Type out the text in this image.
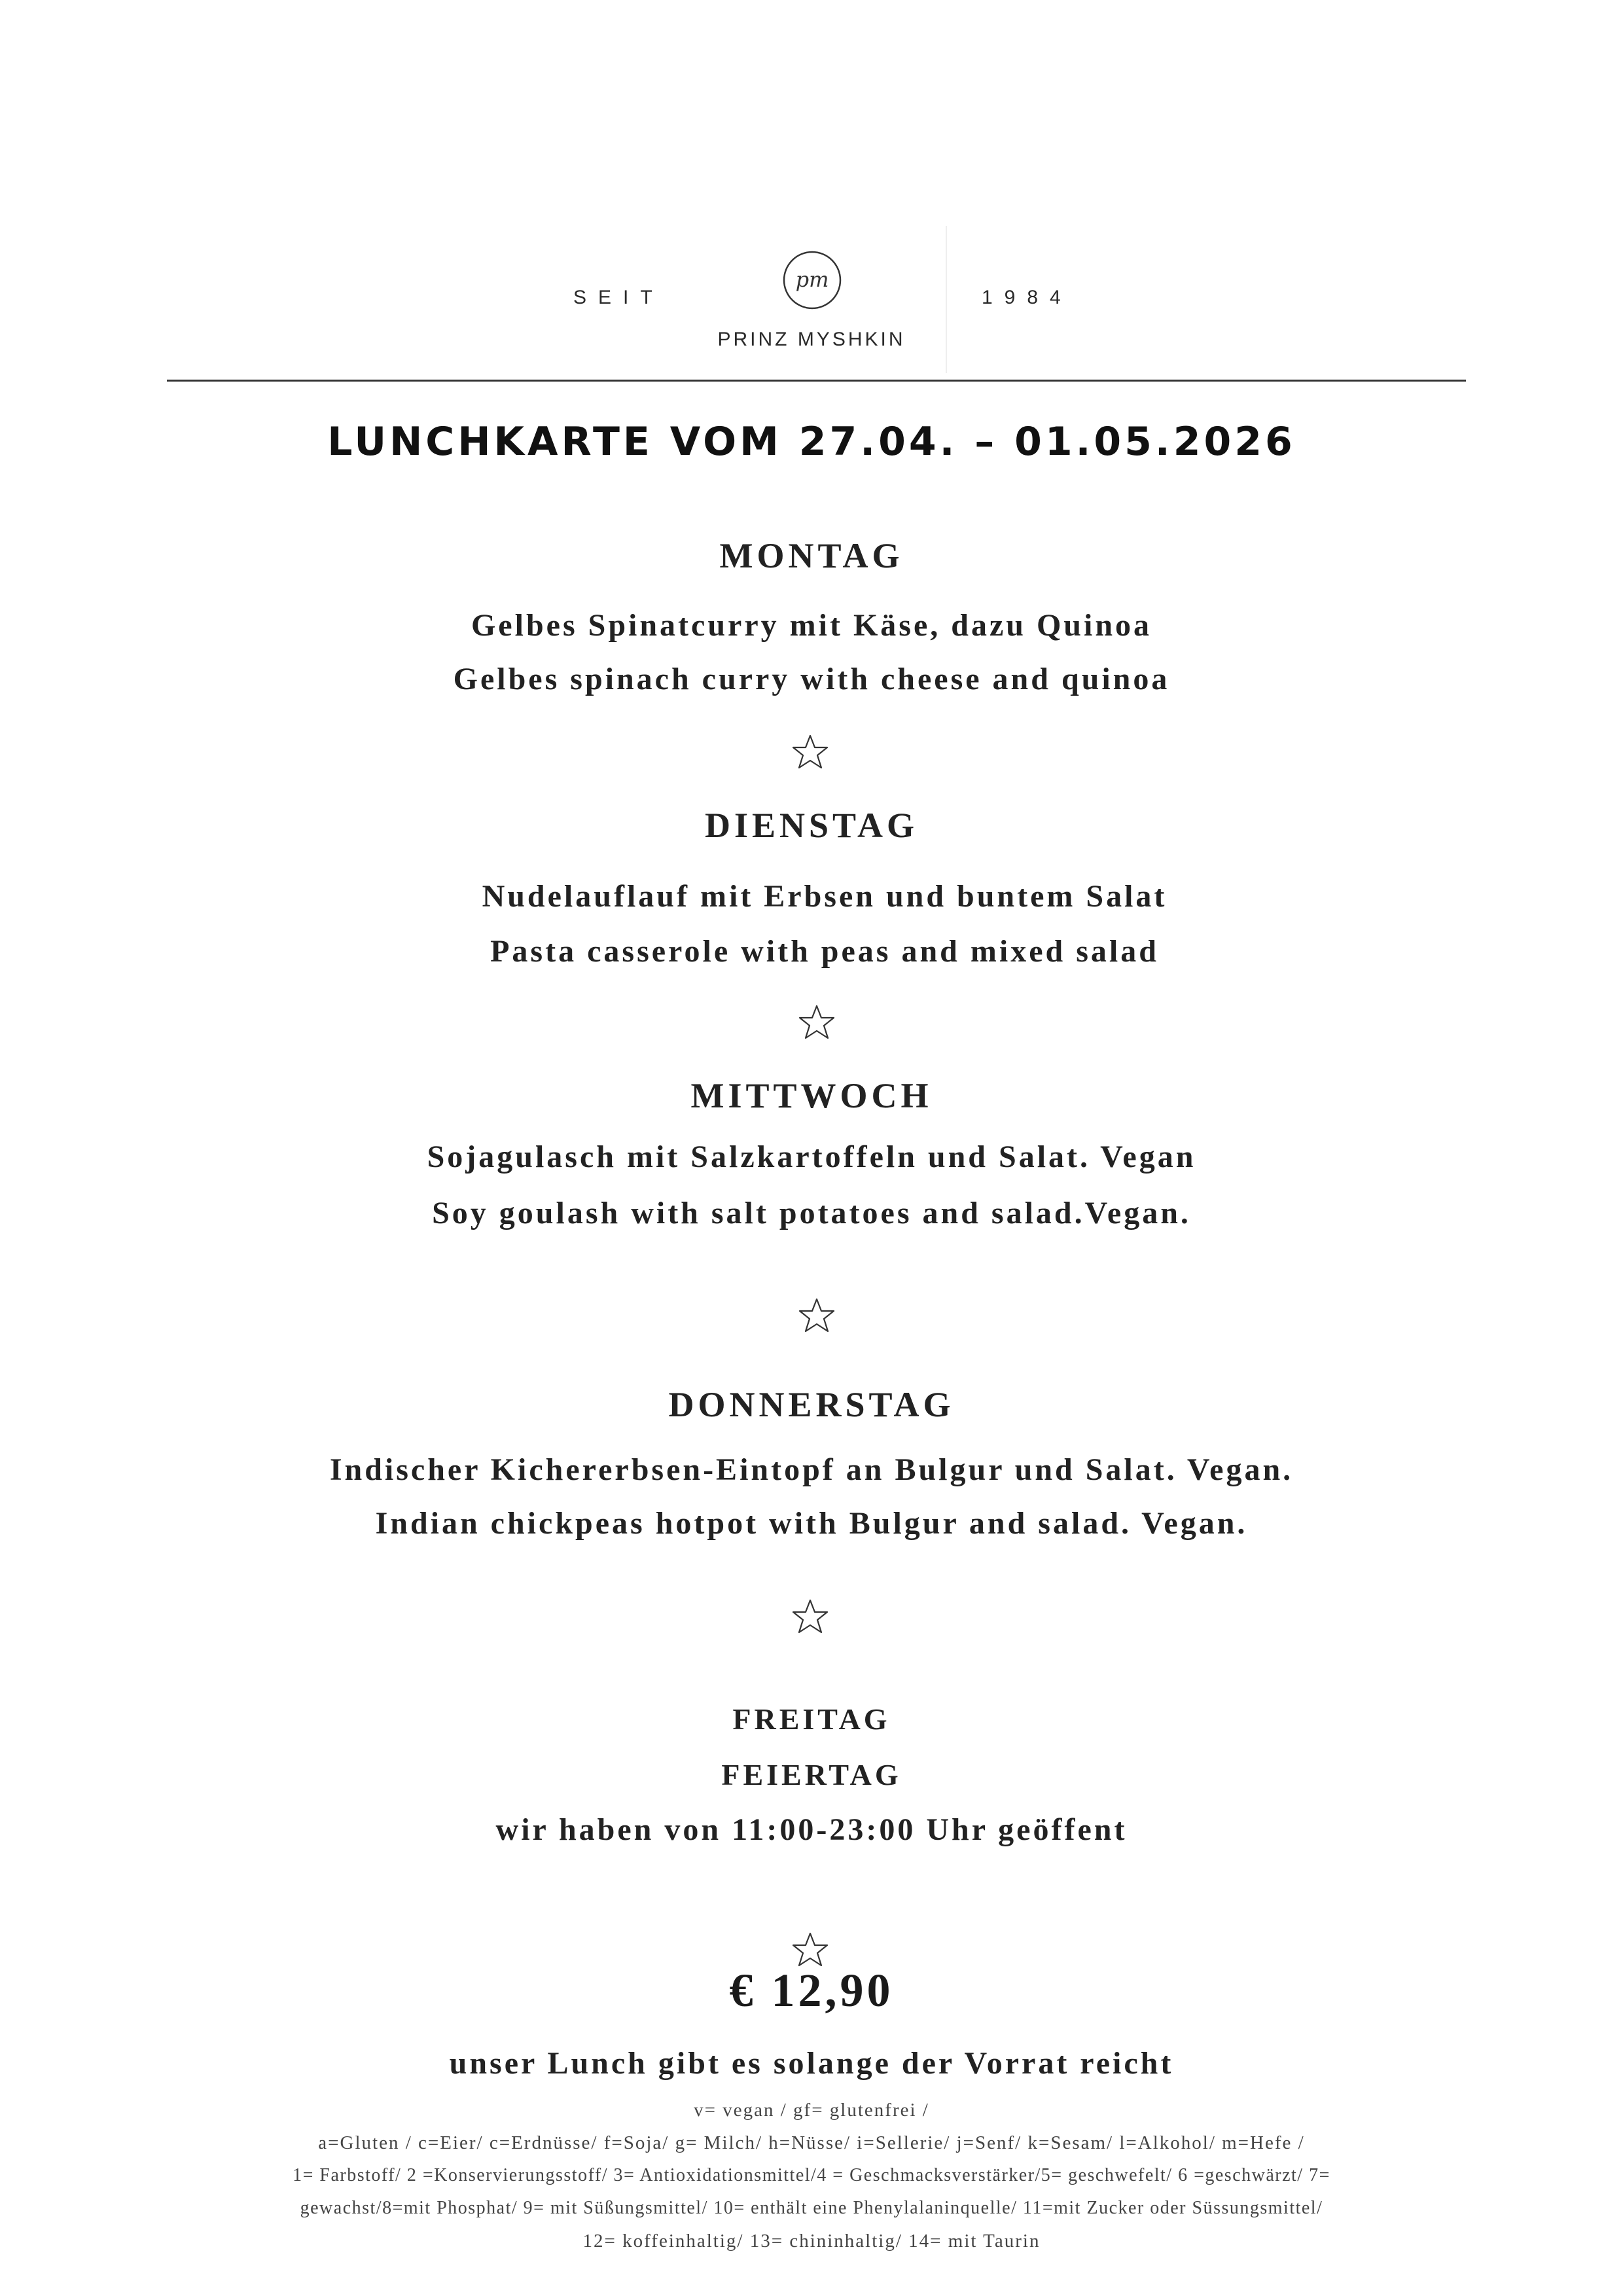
SEIT
pm
1984
PRINZ MYSHKIN
LUNCHKARTE VOM 27.04. – 01.05.2026
MONTAG
Gelbes Spinatcurry mit Käse, dazu Quinoa
Gelbes spinach curry with cheese and quinoa
DIENSTAG
Nudelauflauf mit Erbsen und buntem Salat
Pasta casserole with peas and mixed salad
MITTWOCH
Sojagulasch mit Salzkartoffeln und Salat. Vegan
Soy goulash with salt potatoes and salad.Vegan.
DONNERSTAG
Indischer Kichererbsen-Eintopf an Bulgur und Salat. Vegan.
Indian chickpeas hotpot with Bulgur and salad. Vegan.
FREITAG
FEIERTAG
wir haben von 11:00-23:00 Uhr geöffent
€ 12,90
unser Lunch gibt es solange der Vorrat reicht
v= vegan / gf= glutenfrei /
a=Gluten / c=Eier/ c=Erdnüsse/ f=Soja/ g= Milch/ h=Nüsse/ i=Sellerie/ j=Senf/ k=Sesam/ l=Alkohol/ m=Hefe /
1= Farbstoff/ 2 =Konservierungsstoff/ 3= Antioxidationsmittel/4 = Geschmacksverstärker/5= geschwefelt/ 6 =geschwärzt/ 7=
gewachst/8=mit Phosphat/ 9= mit Süßungsmittel/ 10= enthält eine Phenylalaninquelle/ 11=mit Zucker oder Süssungsmittel/
12= koffeinhaltig/ 13= chininhaltig/ 14= mit Taurin
